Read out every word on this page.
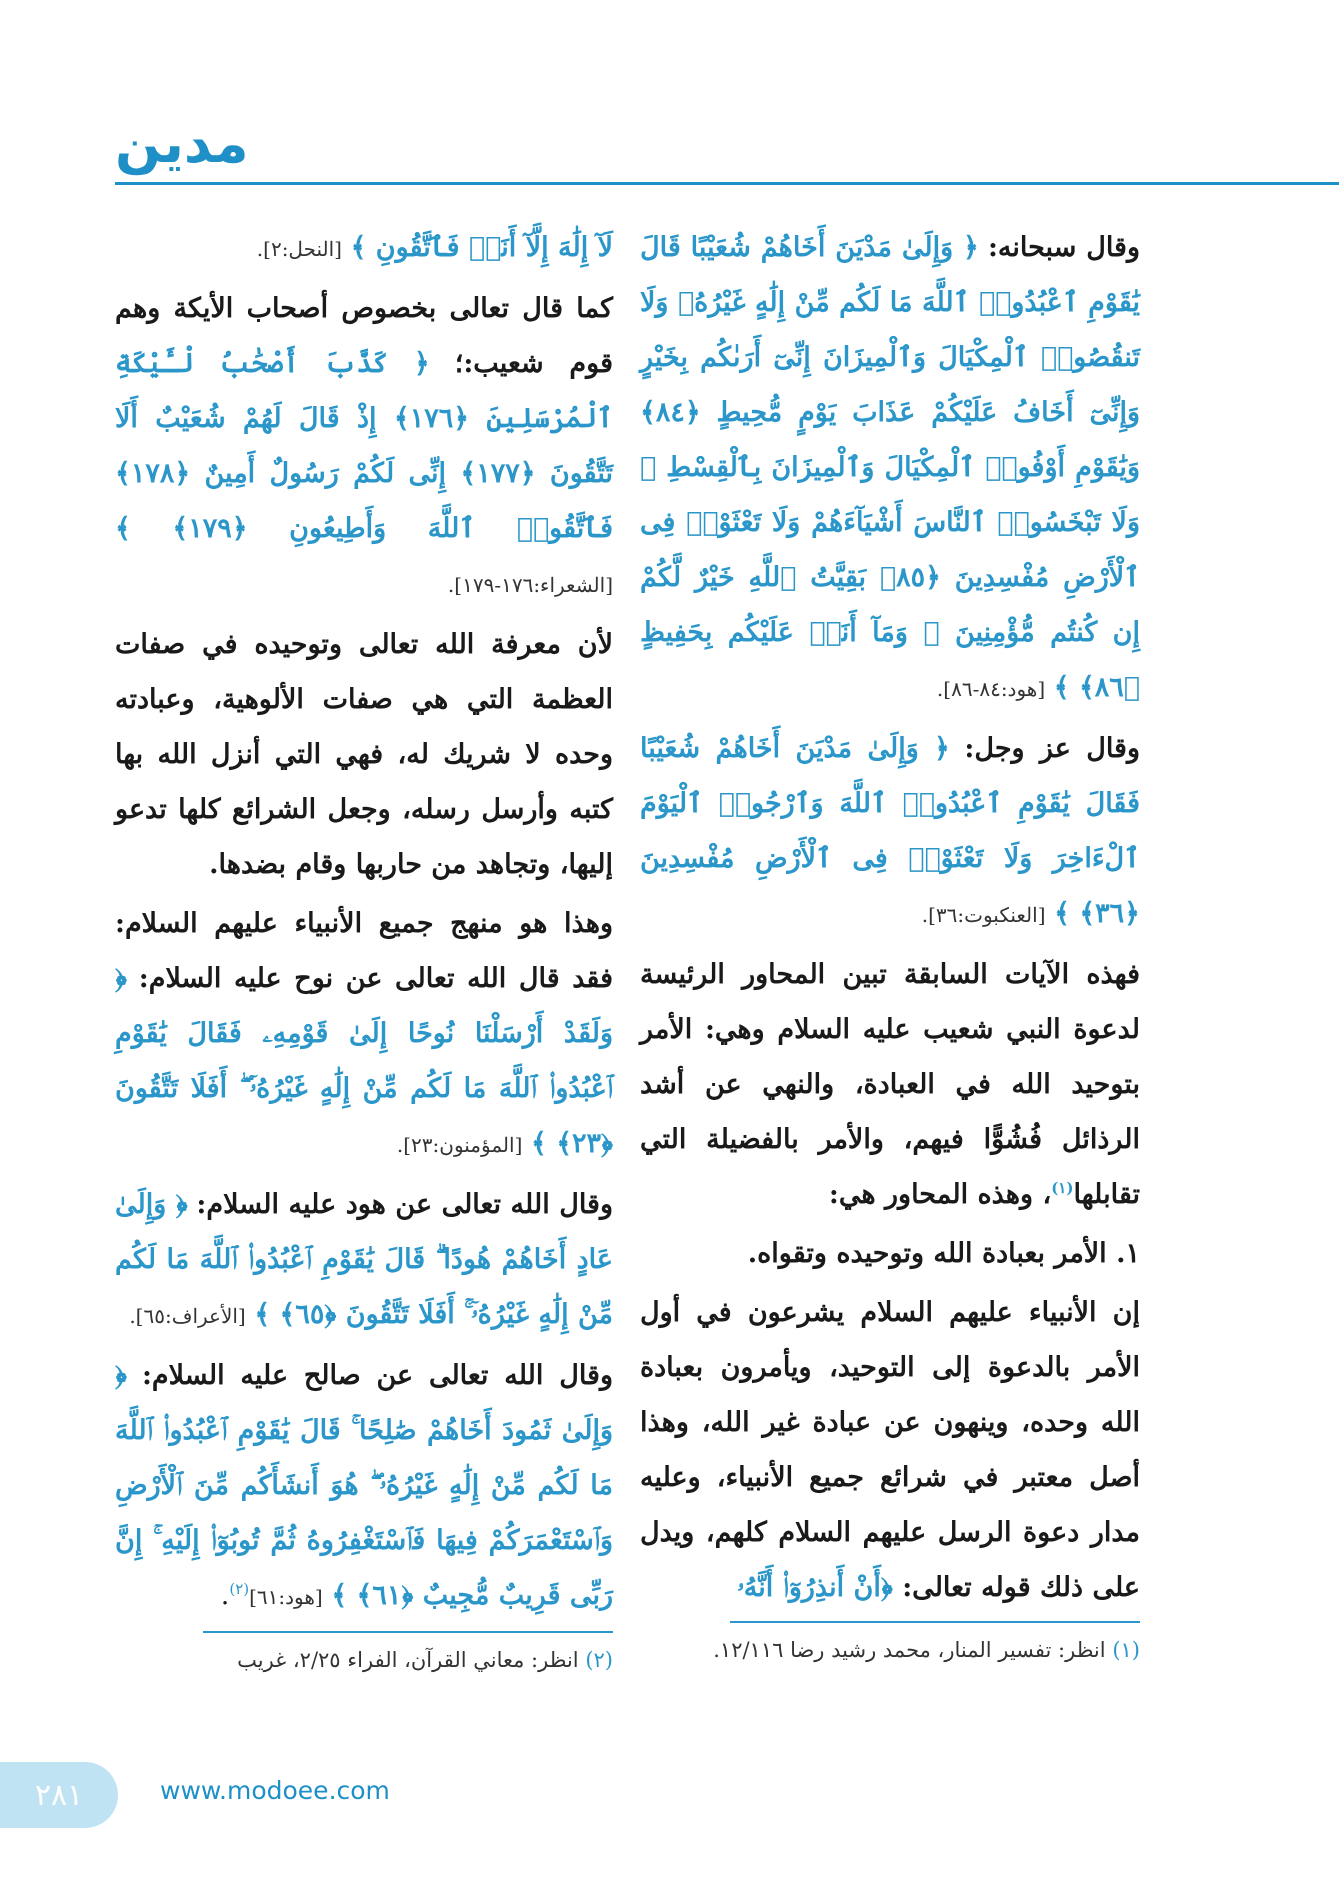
مدين

وقال سبحانه: ﴿ وَإِلَىٰ مَدْيَنَ أَخَاهُمْ شُعَيْبًا قَالَ يَٰقَوْمِ ٱعْبُدُوا۟ ٱللَّهَ مَا لَكُم مِّنْ إِلَٰهٍ غَيْرُهُۥ وَلَا تَنقُصُوا۟ ٱلْمِكْيَالَ وَٱلْمِيزَانَ إِنِّىٓ أَرَىٰكُم بِخَيْرٍ وَإِنِّىٓ أَخَافُ عَلَيْكُمْ عَذَابَ يَوْمٍ مُّحِيطٍ ﴿٨٤﴾ وَيَٰقَوْمِ أَوْفُوا۟ ٱلْمِكْيَالَ وَٱلْمِيزَانَ بِٱلْقِسْطِ ۖ وَلَا تَبْخَسُوا۟ ٱلنَّاسَ أَشْيَآءَهُمْ وَلَا تَعْثَوْا۟ فِى ٱلْأَرْضِ مُفْسِدِينَ ﴿٨٥﴾ بَقِيَّتُ ٱللَّهِ خَيْرٌ لَّكُمْ إِن كُنتُم مُّؤْمِنِينَ ۚ وَمَآ أَنَا۠ عَلَيْكُم بِحَفِيظٍ ﴿٨٦﴾ ﴾ [هود:٨٤-٨٦].

وقال عز وجل: ﴿ وَإِلَىٰ مَدْيَنَ أَخَاهُمْ شُعَيْبًا فَقَالَ يَٰقَوْمِ ٱعْبُدُوا۟ ٱللَّهَ وَٱرْجُوا۟ ٱلْيَوْمَ ٱلْءَاخِرَ وَلَا تَعْثَوْا۟ فِى ٱلْأَرْضِ مُفْسِدِينَ ﴿٣٦﴾ ﴾ [العنكبوت:٣٦].

فهذه الآيات السابقة تبين المحاور الرئيسة لدعوة النبي شعيب عليه السلام وهي: الأمر بتوحيد الله في العبادة، والنهي عن أشد الرذائل فُشُوًّا فيهم، والأمر بالفضيلة التي تقابلها$^{(١)}$، وهذه المحاور هي:

١. الأمر بعبادة الله وتوحيده وتقواه.

إن الأنبياء عليهم السلام يشرعون في أول الأمر بالدعوة إلى التوحيد، ويأمرون بعبادة الله وحده، وينهون عن عبادة غير الله، وهذا أصل معتبر في شرائع جميع الأنبياء، وعليه مدار دعوة الرسل عليهم السلام كلهم، ويدل على ذلك قوله تعالى: ﴿أَنْ أَنذِرُوٓا۟ أَنَّهُۥ

(١) انظر: تفسير المنار، محمد رشيد رضا ١٢/١١٦.

لَآ إِلَٰهَ إِلَّآ أَنَا۠ فَٱتَّقُونِ ﴾ [النحل:٢].

كما قال تعالى بخصوص أصحاب الأيكة وهم قوم شعيب:؛ ﴿ كَذَّبَ أَصْحَٰبُ لْـَٔيْكَةِ ٱلْمُرْسَلِينَ ﴿١٧٦﴾ إِذْ قَالَ لَهُمْ شُعَيْبٌ أَلَا تَتَّقُونَ ﴿١٧٧﴾ إِنِّى لَكُمْ رَسُولٌ أَمِينٌ ﴿١٧٨﴾ فَٱتَّقُوا۟ ٱللَّهَ وَأَطِيعُونِ ﴿١٧٩﴾ ﴾ [الشعراء:١٧٦-١٧٩].

لأن معرفة الله تعالى وتوحيده في صفات العظمة التي هي صفات الألوهية، وعبادته وحده لا شريك له، فهي التي أنزل الله بها كتبه وأرسل رسله، وجعل الشرائع كلها تدعو إليها، وتجاهد من حاربها وقام بضدها.

وهذا هو منهج جميع الأنبياء عليهم السلام: فقد قال الله تعالى عن نوح عليه السلام: ﴿ وَلَقَدْ أَرْسَلْنَا نُوحًا إِلَىٰ قَوْمِهِۦ فَقَالَ يَٰقَوْمِ ٱعْبُدُوا۟ ٱللَّهَ مَا لَكُم مِّنْ إِلَٰهٍ غَيْرُهُۥٓ ۖ أَفَلَا تَتَّقُونَ ﴿٢٣﴾ ﴾ [المؤمنون:٢٣].

وقال الله تعالى عن هود عليه السلام: ﴿ وَإِلَىٰ عَادٍ أَخَاهُمْ هُودًا ۗ قَالَ يَٰقَوْمِ ٱعْبُدُوا۟ ٱللَّهَ مَا لَكُم مِّنْ إِلَٰهٍ غَيْرُهُۥٓ ۚ أَفَلَا تَتَّقُونَ ﴿٦٥﴾ ﴾ [الأعراف:٦٥].

وقال الله تعالى عن صالح عليه السلام: ﴿ وَإِلَىٰ ثَمُودَ أَخَاهُمْ صَٰلِحًا ۚ قَالَ يَٰقَوْمِ ٱعْبُدُوا۟ ٱللَّهَ مَا لَكُم مِّنْ إِلَٰهٍ غَيْرُهُۥ ۖ هُوَ أَنشَأَكُم مِّنَ ٱلْأَرْضِ وَٱسْتَعْمَرَكُمْ فِيهَا فَٱسْتَغْفِرُوهُ ثُمَّ تُوبُوٓا۟ إِلَيْهِ ۚ إِنَّ رَبِّى قَرِيبٌ مُّجِيبٌ ﴿٦١﴾ ﴾ [هود:٦١]$^{(٢)}$.

(٢) انظر: معاني القرآن، الفراء ٢/٢٥، غريب
٢٨١	www.modoee.com
